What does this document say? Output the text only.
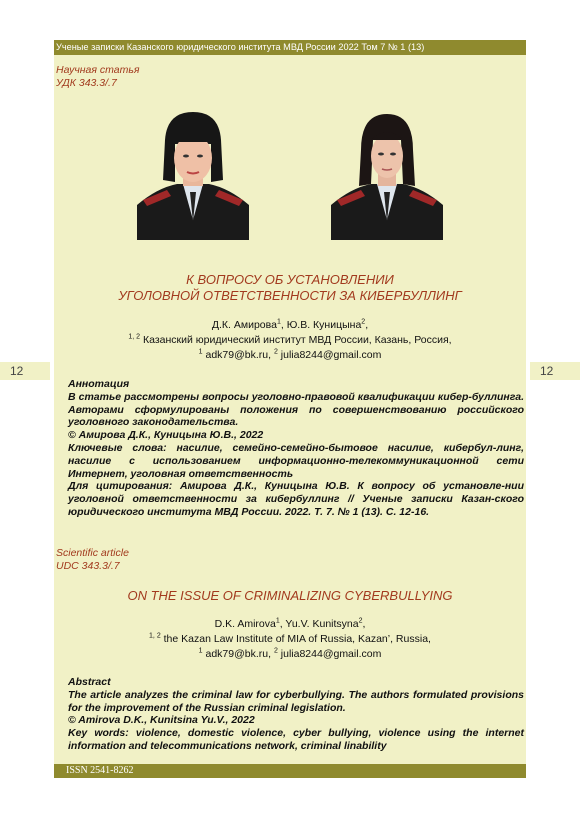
Ученые записки Казанского юридического института МВД России 2022 Том 7 № 1 (13)
ISSN 2541-8262
12	12
Научная статья
УДК 343.3/.7
К ВОПРОСУ ОБ УСТАНОВЛЕНИИ
УГОЛОВНОЙ ОТВЕТСТВЕННОСТИ ЗА КИБЕРБУЛЛИНГ
Д.К. Амирова$^1$, Ю.В. Куницына$^2$,
$^{1, 2}$ Казанский юридический институт МВД России, Казань, Россия,
$^1$ adk79@bk.ru, $^2$ julia8244@gmail.com

Аннотация

В статье рассмотрены вопросы уголовно-правовой квалификации кибер-буллинга. Авторами сформулированы положения по совершенствованию российского уголовного законодательства.

© Амирова Д.К., Куницына Ю.В., 2022

Ключевые слова: насилие, семейно-семейно-бытовое насилие, кибербул-линг, насилие с использованием информационно-телекоммуникационной сети Интернет, уголовная ответственность

Для цитирования: Амирова Д.К., Куницына Ю.В. К вопросу об установле-нии уголовной ответственности за кибербуллинг // Ученые записки Казан-ского юридического института МВД России. 2022. Т. 7. № 1 (13). С. 12-16.

Scientific article
UDC 343.3/.7
ON THE ISSUE OF CRIMINALIZING CYBERBULLYING
D.K. Amirova$^1$, Yu.V. Kunitsyna$^2$,
$^{1, 2}$ the Kazan Law Institute of MIA of Russia, Kazan’, Russia,
$^1$ adk79@bk.ru, $^2$ julia8244@gmail.com

Abstract

The article analyzes the criminal law for cyberbullying. The authors formulated provisions for the improvement of the Russian criminal legislation.

© Amirova D.K., Kunitsina Yu.V., 2022

Key words: violence, domestic violence, cyber bullying, violence using the internet information and telecommunications network, criminal linability
